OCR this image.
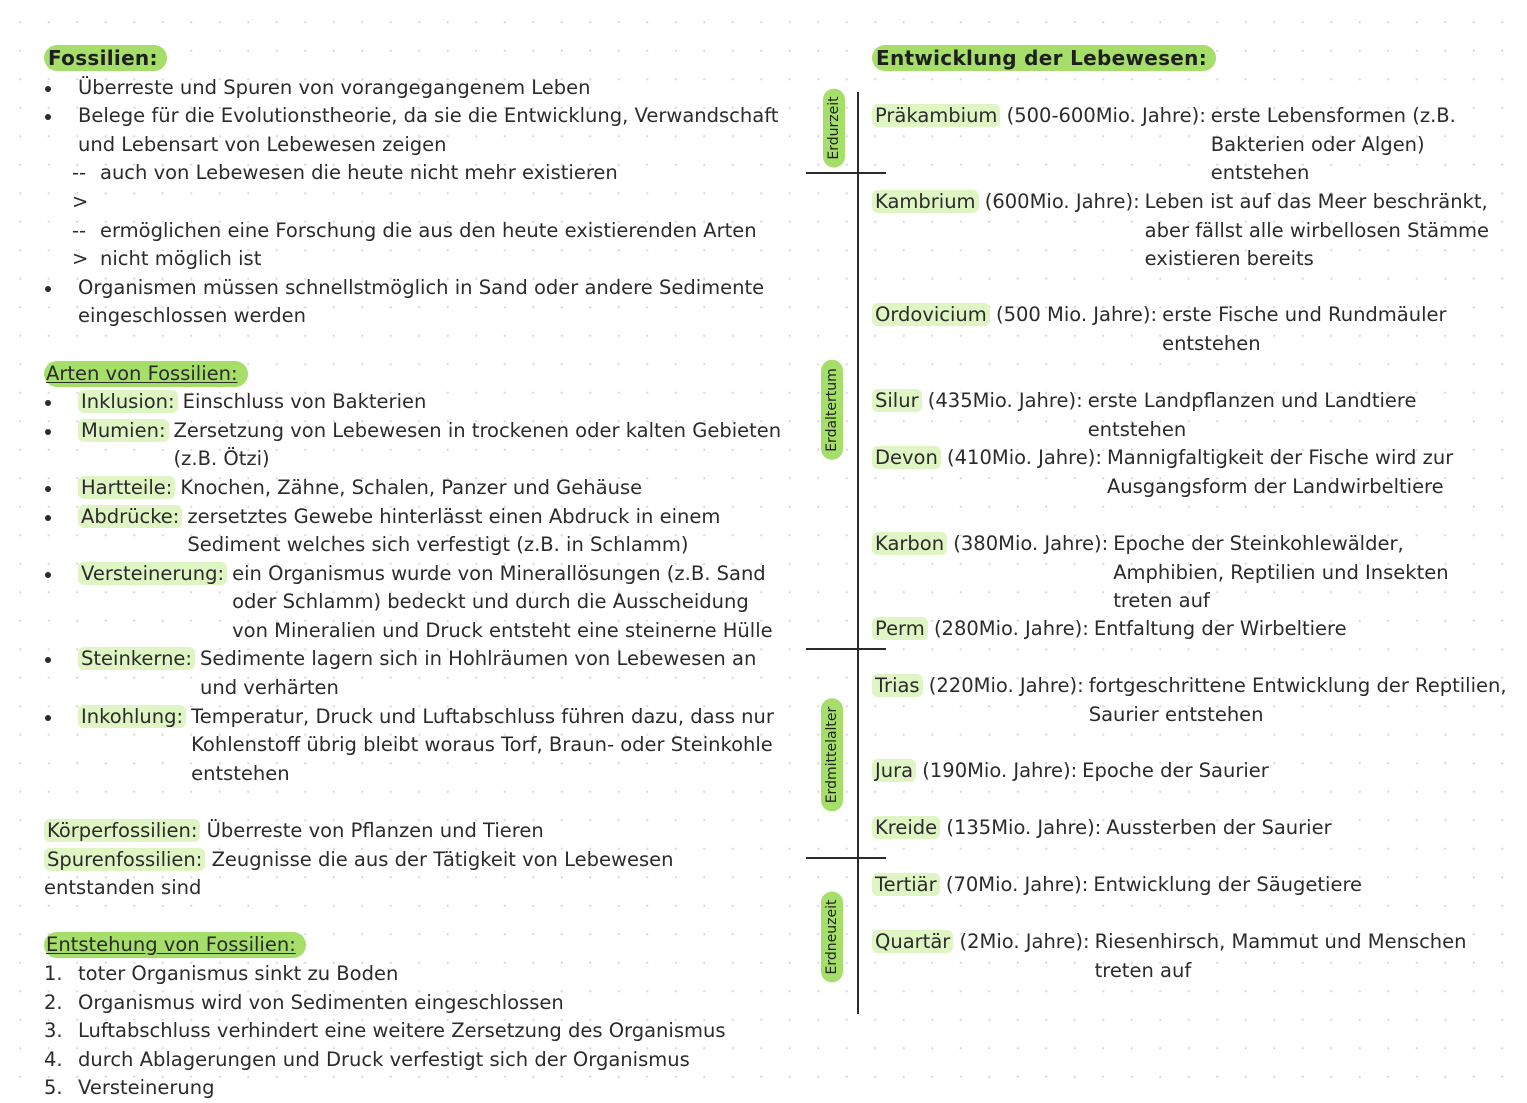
Fossilien:
Überreste und Spuren von vorangegangenem Leben
Belege für die Evolutionstheorie, da sie die Entwicklung, Verwandschaft und Lebensart von Lebewesen zeigen
-->
auch von Lebewesen die heute nicht mehr existieren
-->
ermöglichen eine Forschung die aus den heute existierenden Arten nicht möglich ist
Organismen müssen schnellstmöglich in Sand oder andere Sedimente eingeschlossen werden
Arten von Fossilien:
Inklusion: Einschluss von Bakterien
Mumien: Zersetzung von Lebewesen in trockenen oder kalten Gebieten (z.B. Ötzi)
Hartteile: Knochen, Zähne, Schalen, Panzer und Gehäuse
Abdrücke: zersetztes Gewebe hinterlässt einen Abdruck in einem Sediment welches sich verfestigt (z.B. in Schlamm)
Versteinerung: ein Organismus wurde von Minerallösungen (z.B. Sand oder Schlamm) bedeckt und durch die Ausscheidung von Mineralien und Druck entsteht eine steinerne Hülle
Steinkerne: Sedimente lagern sich in Hohlräumen von Lebewesen an und verhärten
Inkohlung: Temperatur, Druck und Luftabschluss führen dazu, dass nur Kohlenstoff übrig bleibt woraus Torf, Braun- oder Steinkohle entstehen
Körperfossilien: Überreste von Pflanzen und Tieren
Spurenfossilien: Zeugnisse die aus der Tätigkeit von Lebewesen entstanden sind
Entstehung von Fossilien:
1. toter Organismus sinkt zu Boden
2. Organismus wird von Sedimenten eingeschlossen
3. Luftabschluss verhindert eine weitere Zersetzung des Organismus
4. durch Ablagerungen und Druck verfestigt sich der Organismus
5. Versteinerung
Entwicklung der Lebewesen:
Erdurzeit
Erdaltertum
Erdmittelalter
Erdneuzeit
Präkambium (500-600Mio. Jahre): erste Lebensformen (z.B. Bakterien oder Algen) entstehen
Kambrium (600Mio. Jahre): Leben ist auf das Meer beschränkt, aber fällst alle wirbellosen Stämme existieren bereits
Ordovicium (500 Mio. Jahre): erste Fische und Rundmäuler entstehen
Silur (435Mio. Jahre): erste Landpflanzen und Landtiere entstehen
Devon (410Mio. Jahre): Mannigfaltigkeit der Fische wird zur Ausgangsform der Landwirbeltiere
Karbon (380Mio. Jahre): Epoche der Steinkohlewälder, Amphibien, Reptilien und Insekten treten auf
Perm (280Mio. Jahre): Entfaltung der Wirbeltiere
Trias (220Mio. Jahre): fortgeschrittene Entwicklung der Reptilien, Saurier entstehen
Jura (190Mio. Jahre): Epoche der Saurier
Kreide (135Mio. Jahre): Aussterben der Saurier
Tertiär (70Mio. Jahre): Entwicklung der Säugetiere
Quartär (2Mio. Jahre): Riesenhirsch, Mammut und Menschen treten auf
